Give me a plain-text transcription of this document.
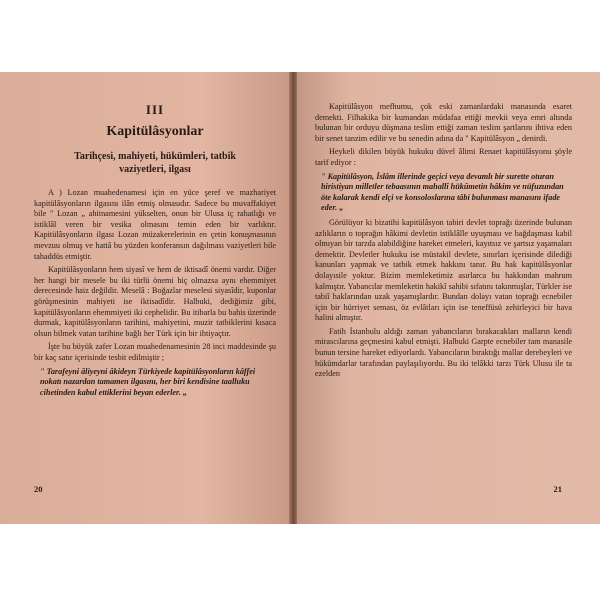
III
Kapitülâsyonlar
Tarihçesi, mahiyeti, hükümleri, tatbik
vaziyetleri, ilgası

A ) Lozan muahedenamesi için en yüce şeref ve mazhariyet kapitülâsyonların ilgasını ilân etmiş olmasıdır. Sadece bu muvaffakiyet bile " Lozan „ ahitnamesini yükselten, onun bir Ulusa iç rahatlığı ve istiklâl veren bir vesika olmasını temin eden bir varlıktır. Kapitülâsyonların ilgası Lozan müzakerelerinin en çetin konuşmasının mevzuu olmuş ve hattâ bu yüzden konferansın dağılması vaziyetleri bile tahaddüs etmiştir.

Kapitülâsyonların hem siyasî ve hem de iktisadî önemi vardır. Diğer her hangi bir mesele bu iki türlü önemi hiç olmazsa aynı ehemmiyet derecesinde haiz değildir. Meselâ : Boğazlar meselesi siyasîdir, kuponlar görüşmesinin mahiyeti ise iktisadîdir. Halbuki, dediğimiz gibi, kapitülâsyonların ehemmiyeti iki cephelidir. Bu itibarla bu bahis üzerinde durmak, kapitülâsyonların tarihini, mahiyetini, muzir tatbiklerini kısaca olsun bilmek vatan tarihine bağlı her Türk için bir ihtiyaçtır.

İşte bu büyük zafer Lozan muahedenamesinin 28 inci maddesinde şu bir kaç satır içerisinde tesbit edilmiştir ;

" Tarafeyni âliyeyni âkideyn Türkiyede kapitülâsyonların kâffei nokatı nazardan tamamen ilgasını, her biri kendisine taalluku cihetinden kabul ettiklerini beyan ederler. „

20

Kapitülâsyon mefhumu, çok eski zamanlardaki manasında esaret demekti. Filhakika bir kumandan müdafaa ettiği mevkii veya emri altında bulunan bir orduyu düşmana teslim ettiği zaman teslim şartlarını ihtiva eden bir senet tanzim edilir ve bu senedin adına da " Kapitülâsyon „ denirdi.

Heykeli dikilen büyük hukuku düvel âlimi Renaet kapitülâsyonu şöyle tarif ediyor :

" Kapitülâsyon, İslâm illerinde geçici veya devamlı bir surette oturan hiristiyan milletler tebaasının mahallî hükûmetin hâkim ve nüfuzundan öte kalarak kendi elçi ve konsoloslarına tâbi bulunması manasını ifade eder. „

Görülüyor ki bizatihi kapitülâsyon tabiri devlet toprağı üzerinde bulunan azlıkların o toprağın hâkimi devletin istiklâlle uyuşması ve bağdaşması kabil olmıyan bir tarzda alabildiğine hareket etmeleri, kayıtsız ve şartsız yaşamaları demektir. Devletler hukuku ise müstakil devlete, sınırları içerisinde dilediği kanunları yapmak ve tatbik etmek hakkını tanır. Bu hak kapitülâsyonlar dolayısile yoktur. Bizim memleketimiz asırlarca bu hakkından mahrum kalmıştır. Yabancılar memleketin hakikî sahibi sıfatını takınmışlar, Türkler ise tabiî haklarından uzak yaşamışlardır. Bundan dolayı vatan toprağı ecnebiler için bir hürriyet seması, öz evlâtları için ise teneffüsü zehirleyici bir hava halini almıştır.

Fatih İstanbulu aldığı zaman yabancıların bırakacakları malların kendi mirascılarına geçmesini kabul etmişti. Halbuki Garpte ecnebiler tam manasile bunun tersine hareket ediyorlardı. Yabancıların bıraktığı mallar derebeyleri ve hükümdarlar tarafından paylaşılıyordu. Bu iki telâkki tarzı Türk Ulusu ile ta ezelden

21
